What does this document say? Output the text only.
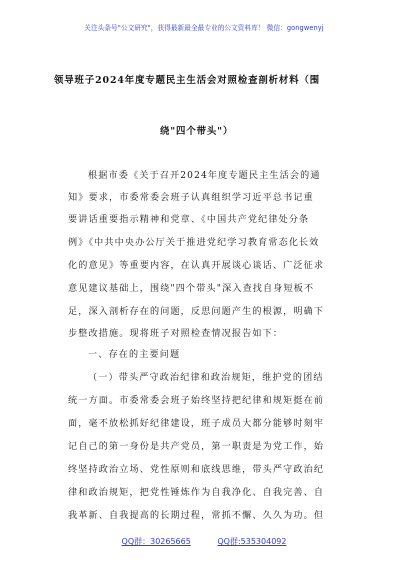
关注头条号"公文研究"，获得最新最全最专业的公文资料库！ 微信：gongwenyj
领导班子2024年度专题民主生活会对照检查剖析材料（围
绕"四个带头"）
根据市委《关于召开2024年度专题民主生活会的通
知》要求，市委常委会班子认真组织学习近平总书记重
要讲话重要指示精神和党章、《中国共产党纪律处分条
例》《中共中央办公厅关于推进党纪学习教育常态化长效
化的意见》等重要内容，在认真开展谈心谈话、广泛征求
意见建议基础上，围绕"四个带头"深入查找自身短板不
足，深入剖析存在的问题，反思问题产生的根源，明确下
步整改措施。现将班子对照检查情况报告如下：
一、存在的主要问题
（一）带头严守政治纪律和政治规矩，维护党的团结
统一方面。市委常委会班子始终坚持把纪律和规矩挺在前
面，毫不放松抓好纪律建设，班子成员大都分能够时刻牢
记自己的第一身份是共产党员，第一职责是为党工作，始
终坚持政治立场、党性原则和底线思维，带头严守政治纪
律和政治规矩，把党性锤炼作为自我净化、自我完善、自
我革新、自我提高的长期过程，常抓不懈、久久为功。但
QQ群：30265665	QQ群:535304092
